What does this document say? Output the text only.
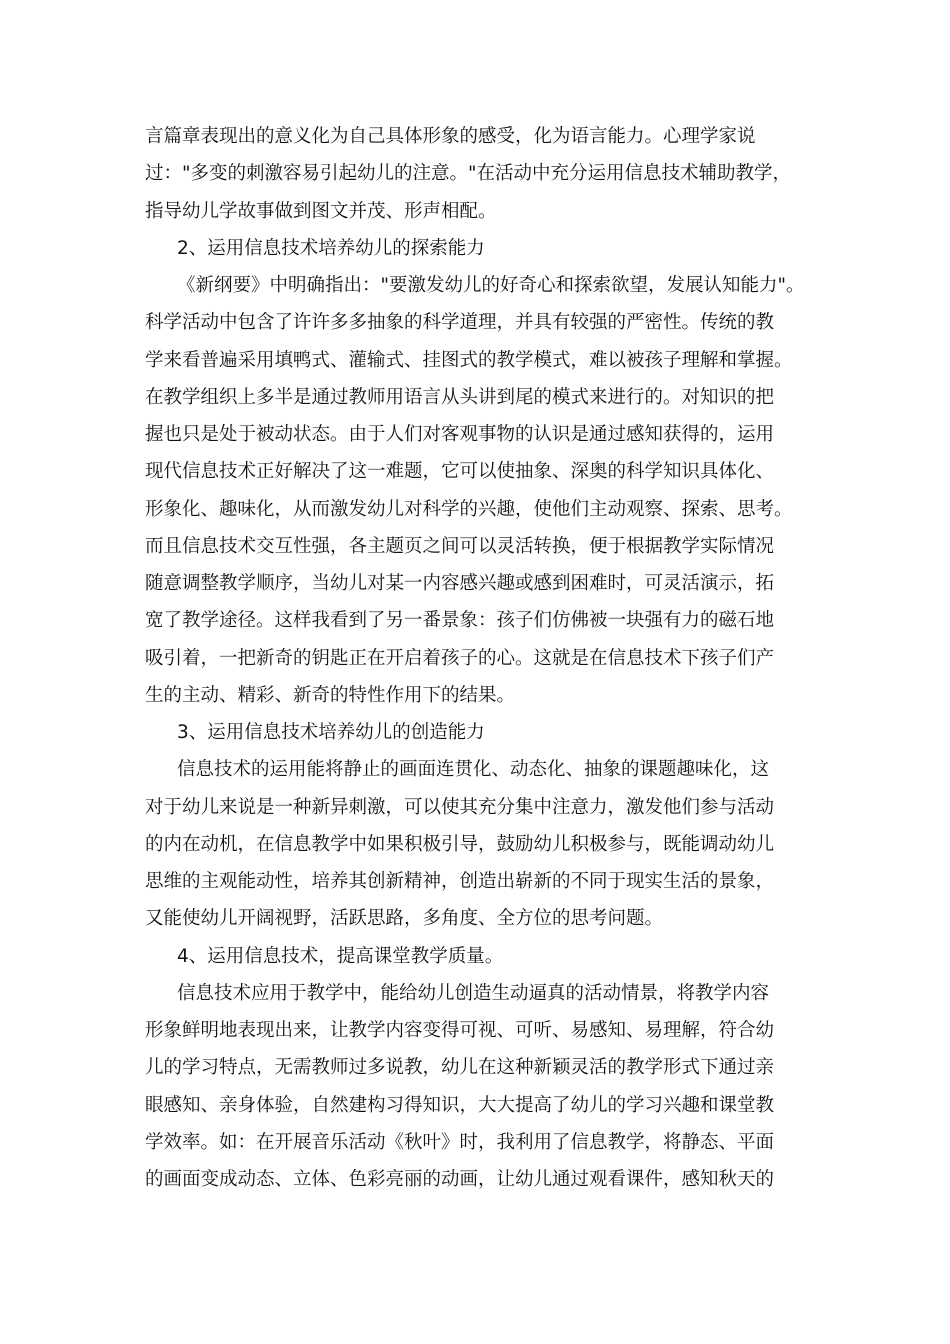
言篇章表现出的意义化为自己具体形象的感受，化为语言能力。心理学家说
过："多变的刺激容易引起幼儿的注意。"在活动中充分运用信息技术辅助教学，
指导幼儿学故事做到图文并茂、形声相配。
2、运用信息技术培养幼儿的探索能力
《新纲要》中明确指出："要激发幼儿的好奇心和探索欲望，发展认知能力"。
科学活动中包含了许许多多抽象的科学道理，并具有较强的严密性。传统的教
学来看普遍采用填鸭式、灌输式、挂图式的教学模式，难以被孩子理解和掌握。
在教学组织上多半是通过教师用语言从头讲到尾的模式来进行的。对知识的把
握也只是处于被动状态。由于人们对客观事物的认识是通过感知获得的，运用
现代信息技术正好解决了这一难题，它可以使抽象、深奥的科学知识具体化、
形象化、趣味化，从而激发幼儿对科学的兴趣，使他们主动观察、探索、思考。
而且信息技术交互性强，各主题页之间可以灵活转换，便于根据教学实际情况
随意调整教学顺序，当幼儿对某一内容感兴趣或感到困难时，可灵活演示，拓
宽了教学途径。这样我看到了另一番景象：孩子们仿佛被一块强有力的磁石地
吸引着，一把新奇的钥匙正在开启着孩子的心。这就是在信息技术下孩子们产
生的主动、精彩、新奇的特性作用下的结果。
3、运用信息技术培养幼儿的创造能力
信息技术的运用能将静止的画面连贯化、动态化、抽象的课题趣味化，这
对于幼儿来说是一种新异刺激，可以使其充分集中注意力，激发他们参与活动
的内在动机，在信息教学中如果积极引导，鼓励幼儿积极参与，既能调动幼儿
思维的主观能动性，培养其创新精神，创造出崭新的不同于现实生活的景象，
又能使幼儿开阔视野，活跃思路，多角度、全方位的思考问题。
4、运用信息技术，提高课堂教学质量。
信息技术应用于教学中，能给幼儿创造生动逼真的活动情景，将教学内容
形象鲜明地表现出来，让教学内容变得可视、可听、易感知、易理解，符合幼
儿的学习特点，无需教师过多说教，幼儿在这种新颖灵活的教学形式下通过亲
眼感知、亲身体验，自然建构习得知识，大大提高了幼儿的学习兴趣和课堂教
学效率。如：在开展音乐活动《秋叶》时，我利用了信息教学，将静态、平面
的画面变成动态、立体、色彩亮丽的动画，让幼儿通过观看课件，感知秋天的
